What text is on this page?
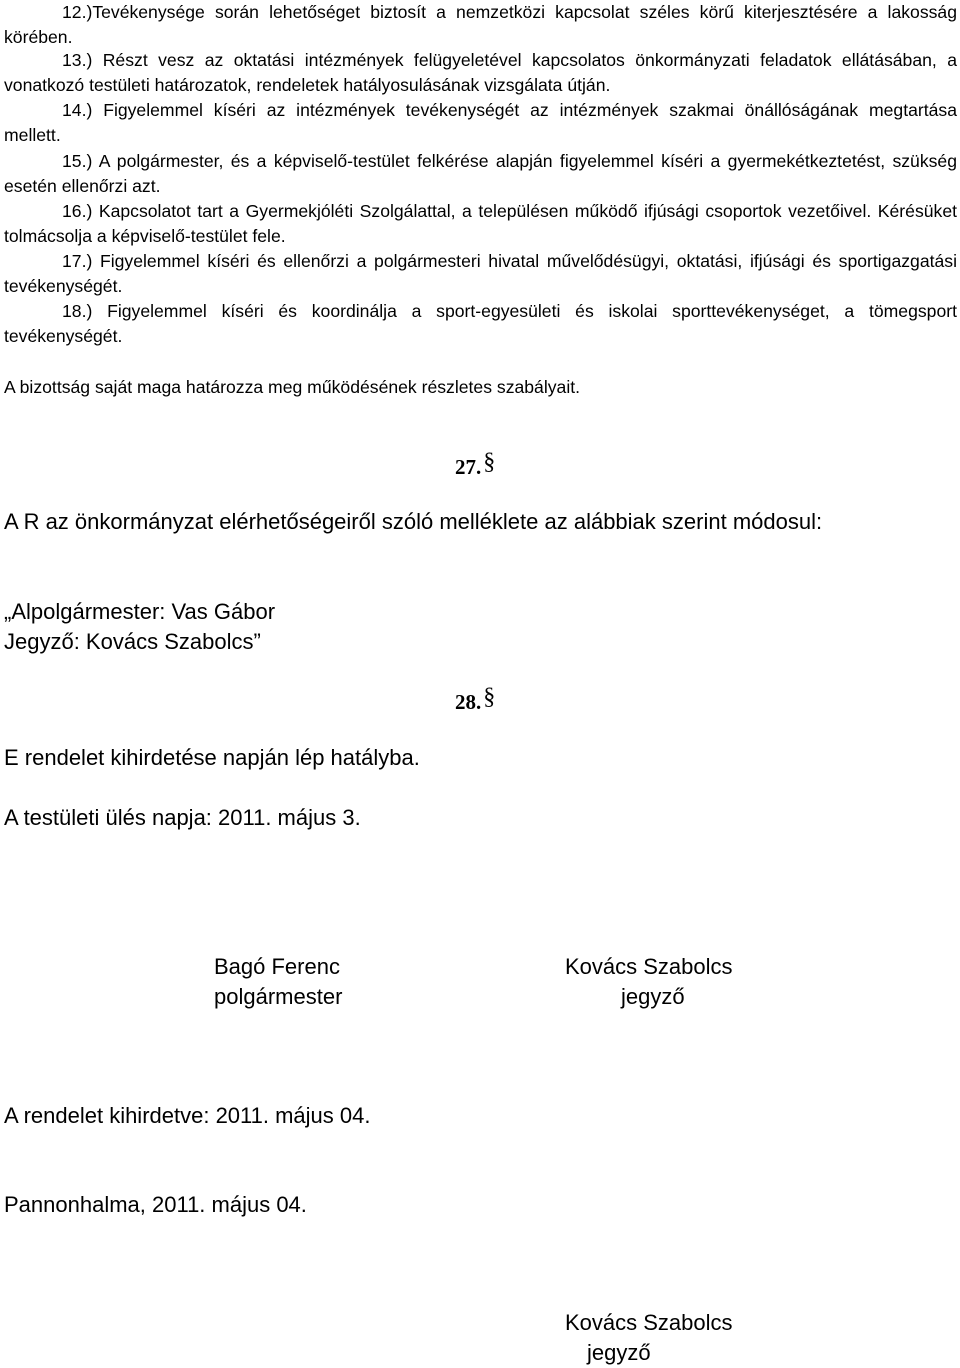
12.)Tevékenysége során lehetőséget biztosít a nemzetközi kapcsolat széles körű kiterjesztésére a lakosság körében.
13.) Részt vesz az oktatási intézmények felügyeletével kapcsolatos önkormányzati feladatok ellátásában, a vonatkozó testületi határozatok, rendeletek hatályosulásának vizsgálata útján.
14.) Figyelemmel kíséri az intézmények tevékenységét az intézmények szakmai önállóságának megtartása mellett.
15.) A polgármester, és a képviselő-testület felkérése alapján figyelemmel kíséri a gyermekétkeztetést, szükség esetén ellenőrzi azt.
16.) Kapcsolatot tart a Gyermekjóléti Szolgálattal, a településen működő ifjúsági csoportok vezetőivel. Kérésüket tolmácsolja a képviselő-testület fele.
17.) Figyelemmel kíséri és ellenőrzi a polgármesteri hivatal művelődésügyi, oktatási, ifjúsági és sportigazgatási tevékenységét.
18.) Figyelemmel kíséri és koordinálja a sport-egyesületi és iskolai sporttevékenységet, a tömegsport tevékenységét.
A bizottság saját maga határozza meg működésének részletes szabályait.
27.§
A R az önkormányzat elérhetőségeiről szóló melléklete az alábbiak szerint módosul:
„Alpolgármester: Vas Gábor
Jegyző: Kovács Szabolcs”
28.§
E rendelet kihirdetése napján lép hatályba.
A testületi ülés napja: 2011. május 3.
Bagó Ferenc
polgármester
Kovács Szabolcs
jegyző
A rendelet kihirdetve: 2011. május 04.
Pannonhalma, 2011. május 04.
Kovács Szabolcs
jegyző
